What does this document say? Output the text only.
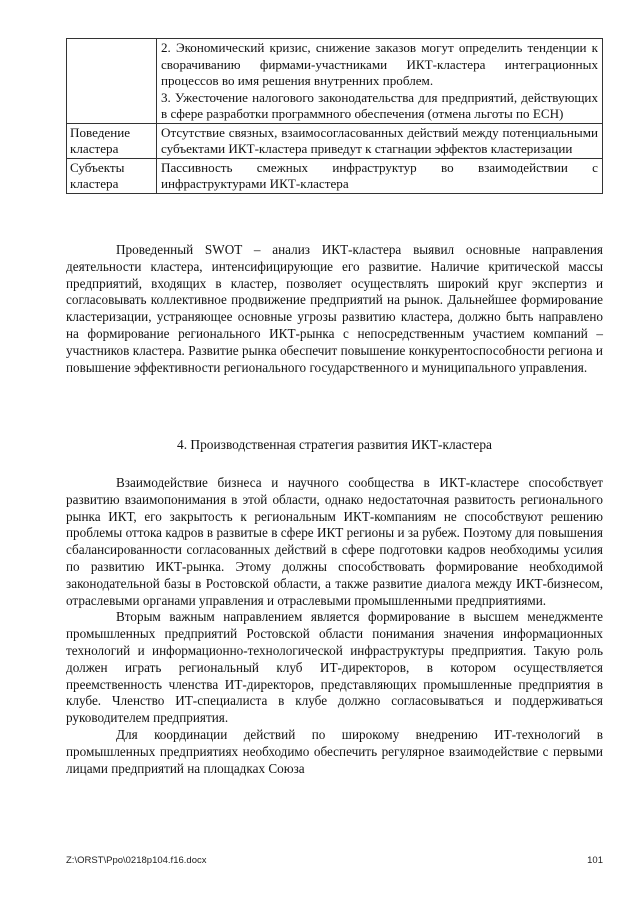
	2. Экономический кризис, снижение заказов могут определить тенденции к сворачиванию фирмами-участниками ИКТ-кластера интеграционных процессов во имя решения внутренних проблем.
3. Ужесточение налогового законодательства для предприятий, действующих в сфере разработки программного обеспечения (отмена льготы по ЕСН)

Поведение кластера	Отсутствие связных, взаимосогласованных действий между потенциальными субъектами ИКТ-кластера приведут к стагнации эффектов кластеризации

Субъекты кластера	Пассивность смежных инфраструктур во взаимодействии с инфраструктурами ИКТ-кластера

Проведенный SWOT – анализ ИКТ-кластера выявил основные направления деятельности кластера, интенсифицирующие его развитие. Наличие критической массы предприятий, входящих в кластер, позволяет осуществлять широкий круг экспертиз и согласовывать коллективное продвижение предприятий на рынок. Дальнейшее формирование кластеризации, устраняющее основные угрозы развитию кластера, должно быть направлено на формирование регионального ИКТ-рынка с непосредственным участием компаний – участников кластера. Развитие рынка обеспечит повышение конкурентоспособности региона и повышение эффективности регионального государственного и муниципального управления.

4. Производственная стратегия развития ИКТ-кластера

Взаимодействие бизнеса и научного сообщества в ИКТ-кластере способствует развитию взаимопонимания в этой области, однако недостаточная развитость регионального рынка ИКТ, его закрытость к региональным ИКТ-компаниям не способствуют решению проблемы оттока кадров в развитые в сфере ИКТ регионы и за рубеж. Поэтому для повышения сбалансированности согласованных действий в сфере подготовки кадров необходимы усилия по развитию ИКТ-рынка. Этому должны способствовать формирование необходимой законодательной базы в Ростовской области, а также развитие диалога между ИКТ-бизнесом, отраслевыми органами управления и отраслевыми промышленными предприятиями.

Вторым важным направлением является формирование в высшем менеджменте промышленных предприятий Ростовской области понимания значения информационных технологий и информационно-технологической инфраструктуры предприятия. Такую роль должен играть региональный клуб ИТ-директоров, в котором осуществляется преемственность членства ИТ-директоров, представляющих промышленные предприятия в клубе. Членство ИТ-специалиста в клубе должно согласовываться и поддерживаться руководителем предприятия.

Для координации действий по широкому внедрению ИТ-технологий в промышленных предприятиях необходимо обеспечить регулярное взаимодействие с первыми лицами предприятий на площадках Союза

Z:\ORST\Ppo\0218p104.f16.docx	101
